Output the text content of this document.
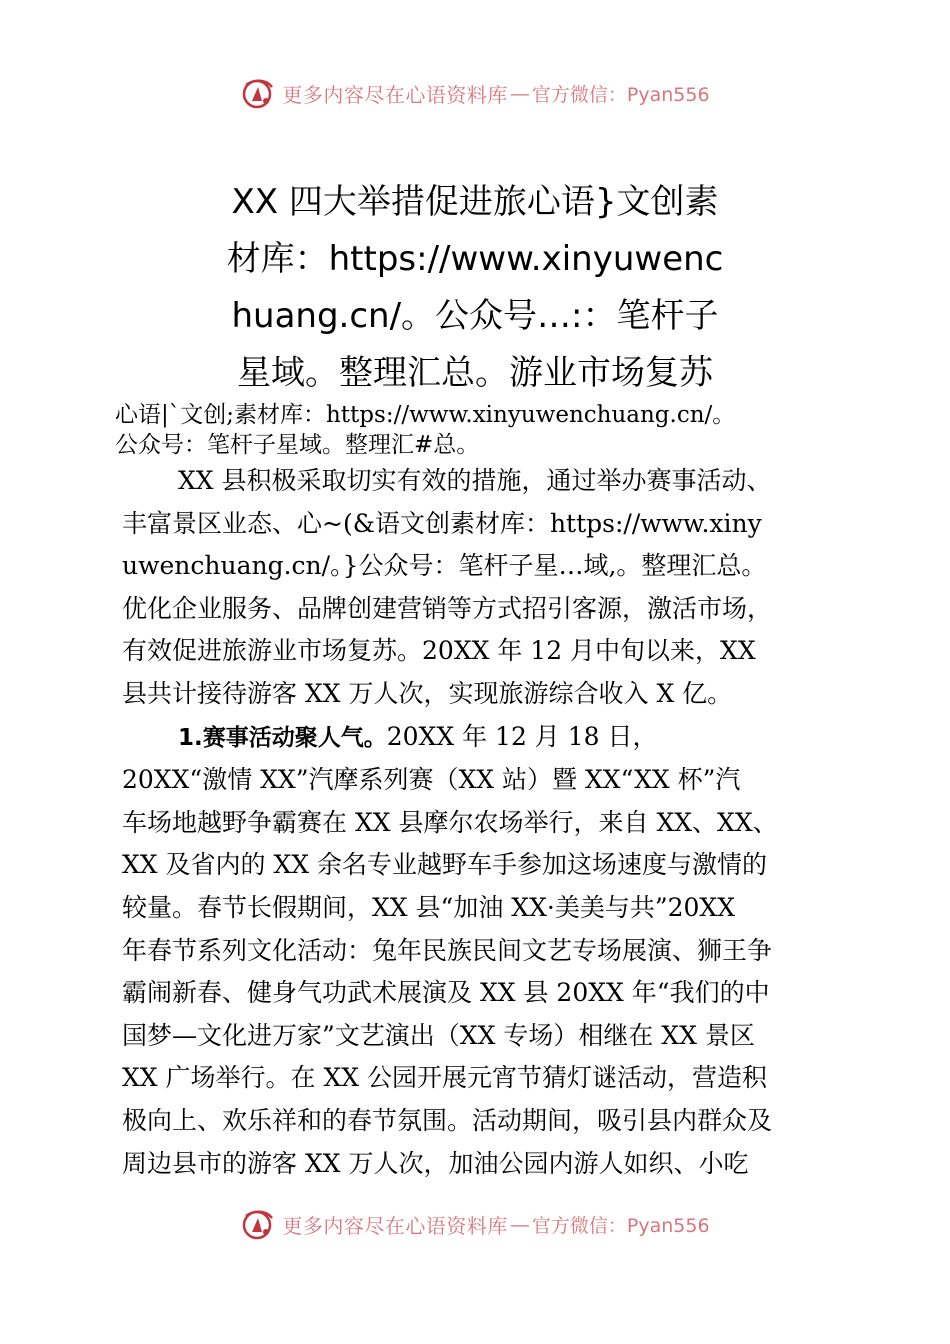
更多内容尽在心语资料库 — 官方微信：Pyan556
XX 四大举措促进旅心语}文创素
材库：https://www.xinyuwenc
huang.cn/。公众号…:：笔杆子
星域。整理汇总。游业市场复苏
心语|`文创;素材库：https://www.xinyuwenchuang.cn/。
公众号：笔杆子星域。整理汇#总。
XX 县积极采取切实有效的措施，通过举办赛事活动、
丰富景区业态、心~(&语文创素材库：https://www.xiny
uwenchuang.cn/。}公众号：笔杆子星…域,。整理汇总。
优化企业服务、品牌创建营销等方式招引客源，激活市场，
有效促进旅游业市场复苏。20XX 年 12 月中旬以来，XX
县共计接待游客 XX 万人次，实现旅游综合收入 X 亿。
1.赛事活动聚人气。20XX 年 12 月 18 日，
20XX“激情 XX”汽摩系列赛（XX 站）暨 XX“XX 杯”汽
车场地越野争霸赛在 XX 县摩尔农场举行，来自 XX、XX、
XX 及省内的 XX 余名专业越野车手参加这场速度与激情的
较量。春节长假期间，XX 县“加油 XX·美美与共”20XX
年春节系列文化活动：兔年民族民间文艺专场展演、狮王争
霸闹新春、健身气功武术展演及 XX 县 20XX 年“我们的中
国梦—文化进万家”文艺演出（XX 专场）相继在 XX 景区
XX 广场举行。在 XX 公园开展元宵节猜灯谜活动，营造积
极向上、欢乐祥和的春节氛围。活动期间，吸引县内群众及
周边县市的游客 XX 万人次，加油公园内游人如织、小吃
更多内容尽在心语资料库 — 官方微信：Pyan556
